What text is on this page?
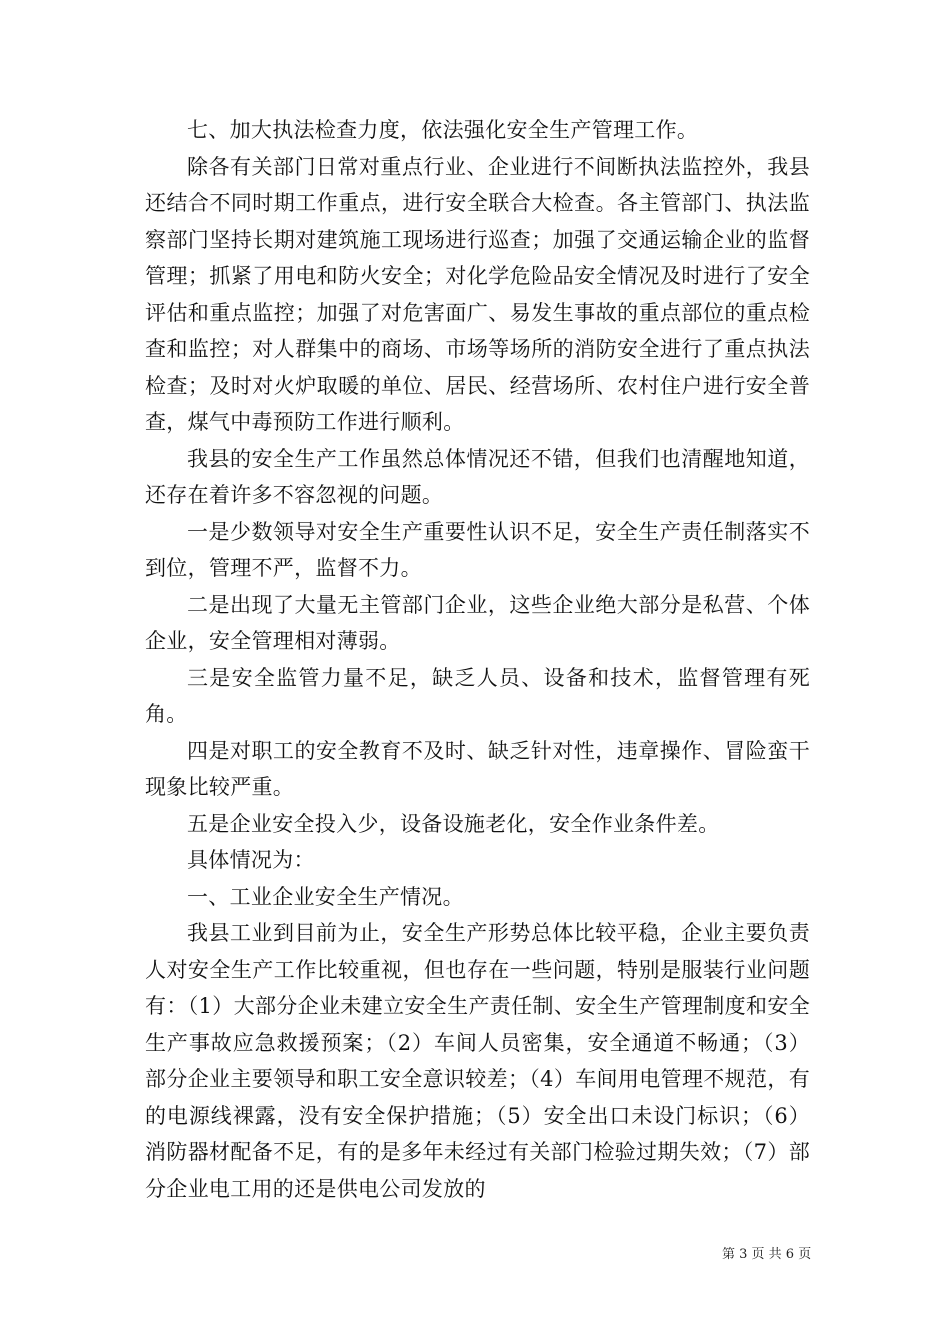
七、加大执法检查力度，依法强化安全生产管理工作。

除各有关部门日常对重点行业、企业进行不间断执法监控外，我县还结合不同时期工作重点，进行安全联合大检查。各主管部门、执法监察部门坚持长期对建筑施工现场进行巡查；加强了交通运输企业的监督管理；抓紧了用电和防火安全；对化学危险品安全情况及时进行了安全评估和重点监控；加强了对危害面广、易发生事故的重点部位的重点检查和监控；对人群集中的商场、市场等场所的消防安全进行了重点执法检查；及时对火炉取暖的单位、居民、经营场所、农村住户进行安全普查，煤气中毒预防工作进行顺利。

我县的安全生产工作虽然总体情况还不错，但我们也清醒地知道，还存在着许多不容忽视的问题。

一是少数领导对安全生产重要性认识不足，安全生产责任制落实不到位，管理不严，监督不力。

二是出现了大量无主管部门企业，这些企业绝大部分是私营、个体企业，安全管理相对薄弱。

三是安全监管力量不足，缺乏人员、设备和技术，监督管理有死角。

四是对职工的安全教育不及时、缺乏针对性，违章操作、冒险蛮干现象比较严重。

五是企业安全投入少，设备设施老化，安全作业条件差。

具体情况为：

一、工业企业安全生产情况。

我县工业到目前为止，安全生产形势总体比较平稳，企业主要负责人对安全生产工作比较重视，但也存在一些问题，特别是服装行业问题有：（1）大部分企业未建立安全生产责任制、安全生产管理制度和安全生产事故应急救援预案；（2）车间人员密集，安全通道不畅通；（3）部分企业主要领导和职工安全意识较差；（4）车间用电管理不规范，有的电源线裸露，没有安全保护措施；（5）安全出口未设门标识；（6）消防器材配备不足，有的是多年未经过有关部门检验过期失效；（7）部分企业电工用的还是供电公司发放的

第 3 页 共 6 页
